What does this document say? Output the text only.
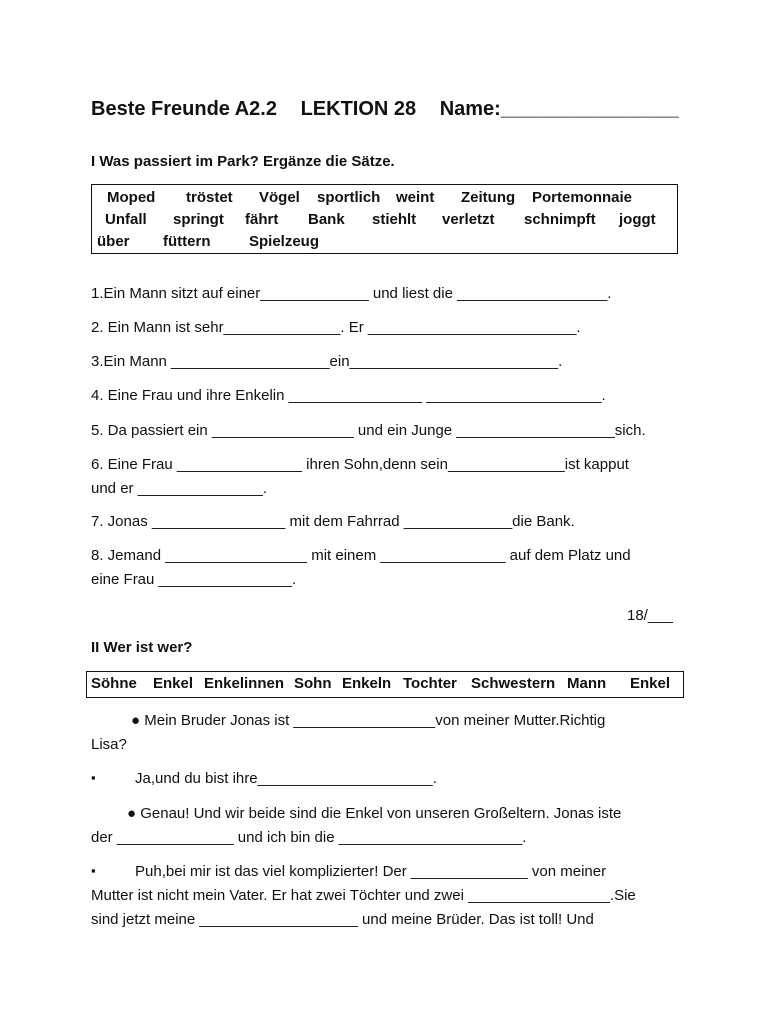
Beste Freunde A2.2 LEKTION 28 Name:________________
I Was passiert im Park? Ergänze die Sätze.
Moped tröstet Vögel sportlich weint Zeitung Portemonnaie
Unfall springt fährt Bank stiehlt verletzt schnimpft joggt
über füttern	Spielzeug
1.Ein Mann sitzt auf einer_____________ und liest die __________________.
2. Ein Mann ist sehr______________. Er _________________________.
3.Ein Mann ___________________ein_________________________.
4. Eine Frau und ihre Enkelin ________________ _____________________.
5. Da passiert ein _________________ und ein Junge ___________________sich.
6. Eine Frau _______________ ihren Sohn,denn sein______________ist kapput
und er _______________.
7. Jonas ________________ mit dem Fahrrad _____________die Bank.
8. Jemand _________________ mit einem _______________ auf dem Platz und
eine Frau ________________.
18/___
II Wer ist wer?
Söhne Enkel Enkelinnen Sohn Enkeln Tochter Schwestern Mann Enkel
● Mein Bruder Jonas ist _________________von meiner Mutter.Richtig
Lisa?
▪	Ja,und du bist ihre_____________________.
● Genau! Und wir beide sind die Enkel von unseren Großeltern. Jonas iste
der ______________ und ich bin die ______________________.
▪	Puh,bei mir ist das viel komplizierter! Der ______________ von meiner
Mutter ist nicht mein Vater. Er hat zwei Töchter und zwei _________________.Sie
sind jetzt meine ___________________ und meine Brüder. Das ist toll! Und
